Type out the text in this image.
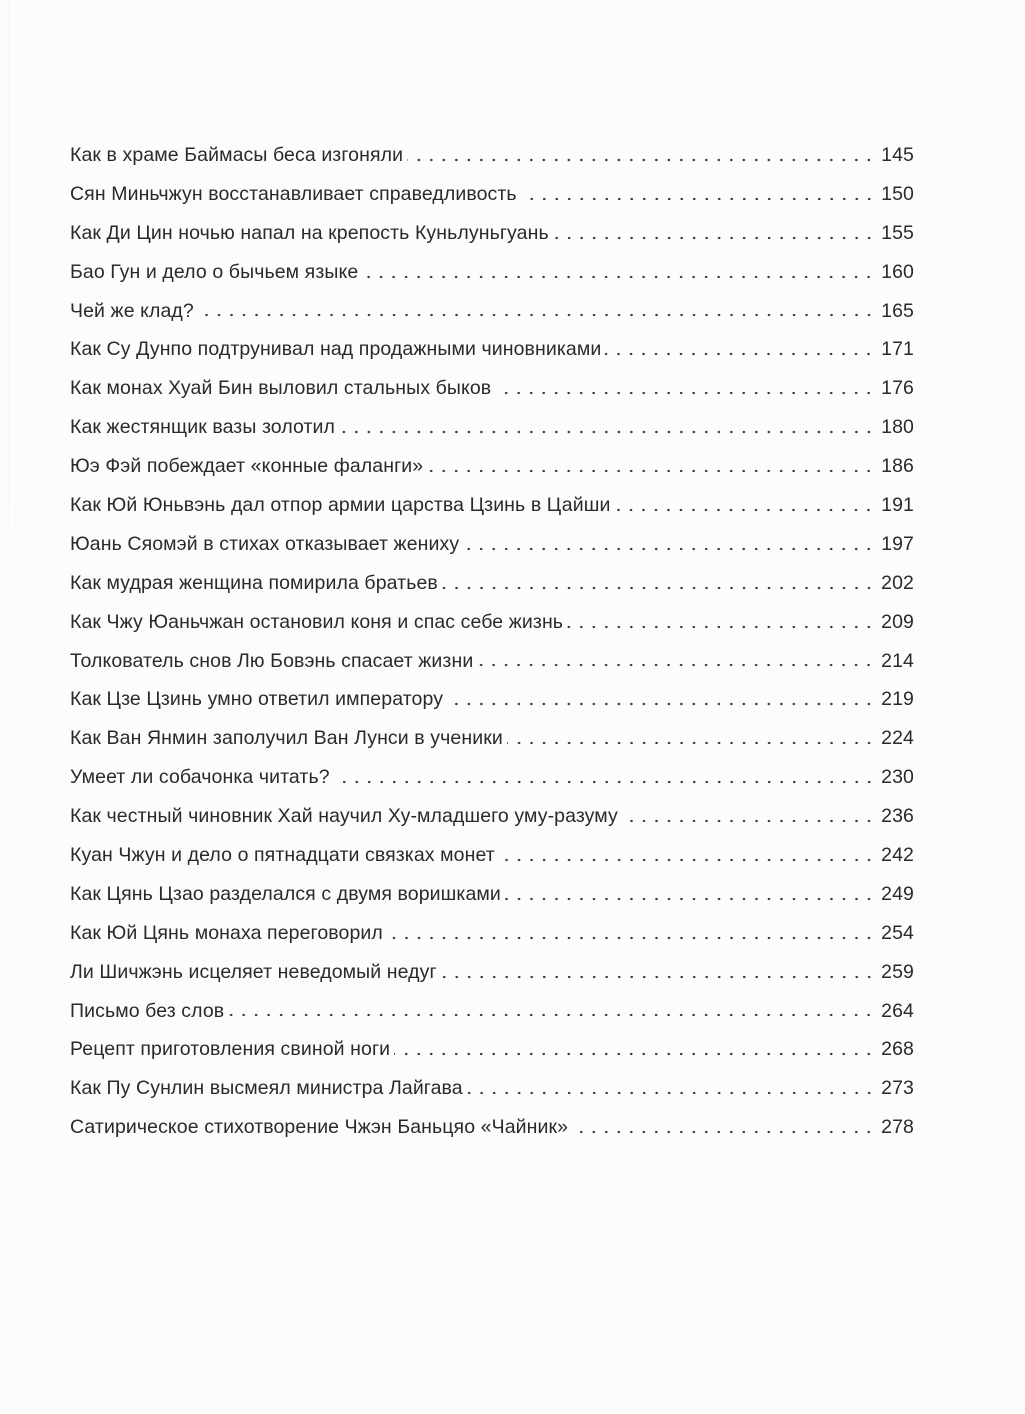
Как в храме Баймасы беса изгоняли	145
Сян Миньчжун восстанавливает справедливость	150
Как Ди Цин ночью напал на крепость Куньлуньгуань	155
Бао Гун и дело о бычьем языке	160
Чей же клад?	165
Как Су Дунпо подтрунивал над продажными чиновниками	171
Как монах Хуай Бин выловил стальных быков	176
Как жестянщик вазы золотил	180
Юэ Фэй побеждает «конные фаланги»	186
Как Юй Юньвэнь дал отпор армии царства Цзинь в Цайши	191
Юань Сяомэй в стихах отказывает жениху	197
Как мудрая женщина помирила братьев	202
Как Чжу Юаньчжан остановил коня и спас себе жизнь	209
Толкователь снов Лю Бовэнь спасает жизни	214
Как Цзе Цзинь умно ответил императору	219
Как Ван Янмин заполучил Ван Лунси в ученики	224
Умеет ли собачонка читать?	230
Как честный чиновник Хай научил Ху-младшего уму-разуму	236
Куан Чжун и дело о пятнадцати связках монет	242
Как Цянь Цзао разделался с двумя воришками	249
Как Юй Цянь монаха переговорил	254
Ли Шичжэнь исцеляет неведомый недуг	259
Письмо без слов	264
Рецепт приготовления свиной ноги	268
Как Пу Сунлин высмеял министра Лайгава	273
Сатирическое стихотворение Чжэн Баньцяо «Чайник»	278
